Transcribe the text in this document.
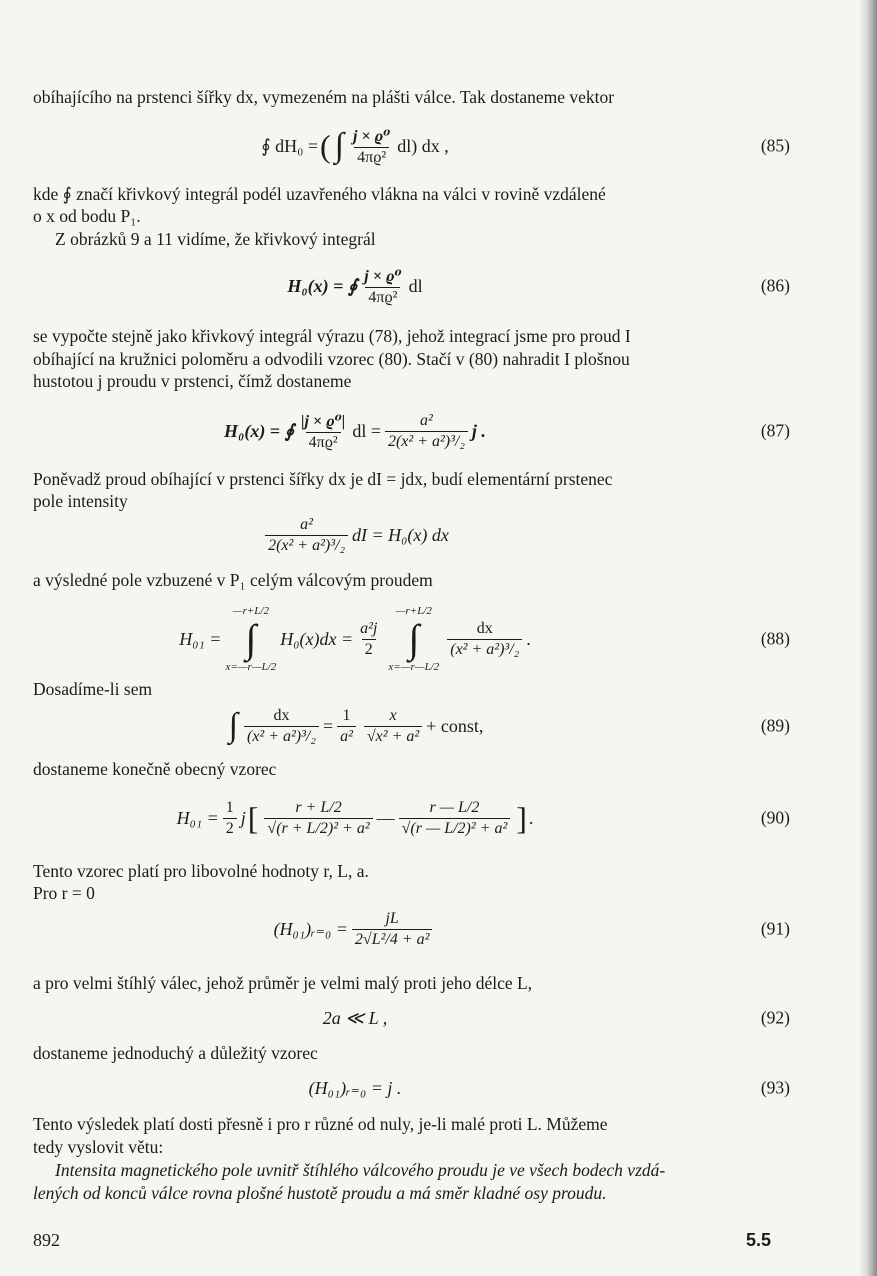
obíhajícího na prstenci šířky dx, vymezeném na plášti válce. Tak dostaneme vektor
∮ dH₀ = ( ∫ $\frac{\text{j × ϱ⁰}}{\text{4πϱ²}} dl$) dx ,	(85)
kde ∮ značí křivkový integrál podél uzavřeného vlákna na válci v rovině vzdálené
o x od bodu P₁.
Z obrázků 9 a 11 vidíme, že křivkový integrál
H₀(x) = ∮ $\frac{\text{j × ϱ⁰}}{\text{4πϱ²}}$ dl	(86)
se vypočte stejně jako křivkový integrál výrazu (78), jehož integrací jsme pro proud I
obíhající na kružnici poloměru a odvodili vzorec (80). Stačí v (80) nahradit I plošnou
hustotou j proudu v prstenci, čímž dostaneme
H₀(x) = ∮ $\frac{\text{|j × ϱ⁰|}}{\text{4πϱ²}}$ dl = $\frac{\text{a²}}{\text{2(x² + a²)³/₂}}$ j .	(87)
Poněvadž proud obíhající v prstenci šířky dx je dI = jdx, budí elementární prstenec
pole intensity
$\frac{\text{a²}}{\text{2(x² + a²)³/₂}}$ dI = H₀(x) dx
a výsledné pole vzbuzené v P₁ celým válcovým proudem
H₀₁ =
—r+L/2
∫
x=—r—L/2
$H_0(x)dx = \frac{\text{a²j}}{2}$
—r+L/2
∫
x=—r—L/2
$\frac{dx}{\text{(x² + a²)³/₂}}$ .	(88)
Dosadíme-li sem
∫ $\frac{dx}{\text{(x² + a²)³/₂}} = \frac{1}{\text{a²}} \frac{x}{\text{√x² + a²}}$ + const,	(89)
dostaneme konečně obecný vzorec
$H_{01} = \frac{1}{2}$ j [ $\frac{r + L/2}{\text{√(r + L/2)² + a²}}$ — $\frac{r — L/2}{\text{√(r — L/2)² + a²}}$ ] .	(90)
Tento vzorec platí pro libovolné hodnoty r, L, a.
Pro r = 0
(H₀₁)ᵣ₌₀ = $\frac{jL}{\text{2√L²/4 + a²}}$	(91)
a pro velmi štíhlý válec, jehož průměr je velmi malý proti jeho délce L,
2a ≪ L ,	(92)
dostaneme jednoduchý a důležitý vzorec
(H₀₁)ᵣ₌₀ = j .	(93)
Tento výsledek platí dosti přesně i pro r různé od nuly, je-li malé proti L. Můžeme
tedy vyslovit větu:
Intensita magnetického pole uvnitř štíhlého válcového proudu je ve všech bodech vzdá-
lených od konců válce rovna plošné hustotě proudu a má směr kladné osy proudu.
892	5.5
